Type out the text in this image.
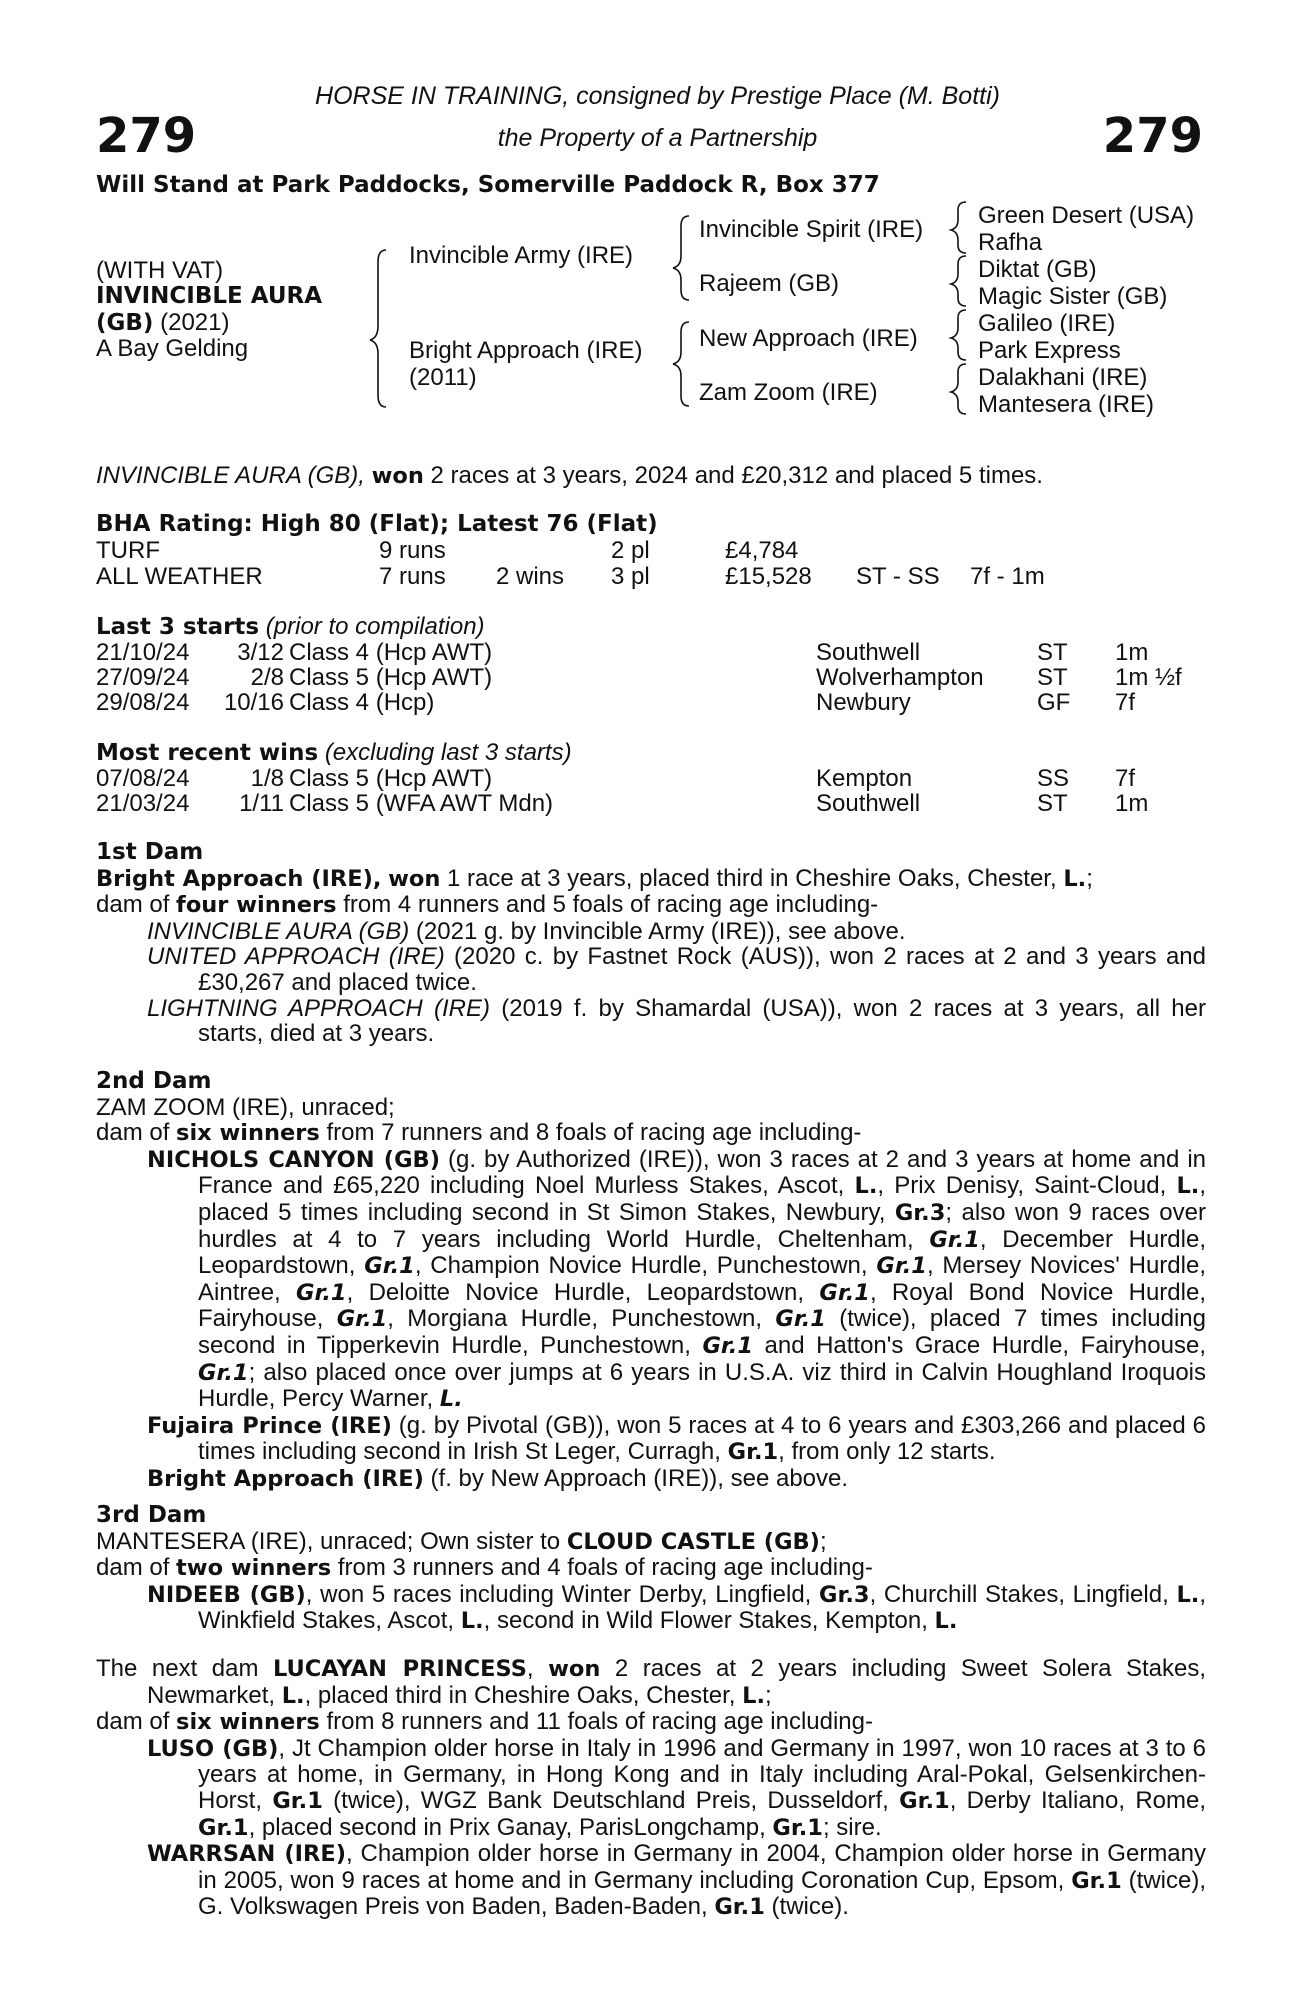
279	279
HORSE IN TRAINING, consigned by Prestige Place (M. Botti)
the Property of a Partnership
Will Stand at Park Paddocks, Somerville Paddock R, Box 377
(WITH VAT)
INVINCIBLE AURA
(GB) (2021)
A Bay Gelding
Invincible Army (IRE)
Bright Approach (IRE)
(2011)
Invincible Spirit (IRE)
Rajeem (GB)
New Approach (IRE)
Zam Zoom (IRE)
Green Desert (USA)
Rafha
Diktat (GB)
Magic Sister (GB)
Galileo (IRE)
Park Express
Dalakhani (IRE)
Mantesera (IRE)
INVINCIBLE AURA (GB), won 2 races at 3 years, 2024 and £20,312 and placed 5 times.
BHA Rating: High 80 (Flat); Latest 76 (Flat)
TURF	9 runs	2 pl	£4,784
ALL WEATHER	7 runs 2 wins 3 pl	£15,528 ST - SS 7f - 1m
Last 3 starts (prior to compilation)
21/10/24	3/12 Class 4 (Hcp AWT)	Southwell	ST 1m
27/09/24	2/8 Class 5 (Hcp AWT)	Wolverhampton ST 1m ½f
29/08/24	10/16 Class 4 (Hcp)	Newbury	GF 7f
Most recent wins (excluding last 3 starts)
07/08/24	1/8 Class 5 (Hcp AWT)	Kempton	SS 7f
21/03/24	1/11 Class 5 (WFA AWT Mdn)	Southwell	ST 1m
1st Dam
Bright Approach (IRE), won 1 race at 3 years, placed third in Cheshire Oaks, Chester, L.;
dam of four winners from 4 runners and 5 foals of racing age including-
INVINCIBLE AURA (GB) (2021 g. by Invincible Army (IRE)), see above.
UNITED APPROACH (IRE) (2020 c. by Fastnet Rock (AUS)), won 2 races at 2 and 3 years and £30,267 and placed twice.
LIGHTNING APPROACH (IRE) (2019 f. by Shamardal (USA)), won 2 races at 3 years, all her starts, died at 3 years.
2nd Dam
ZAM ZOOM (IRE), unraced;
dam of six winners from 7 runners and 8 foals of racing age including-
NICHOLS CANYON (GB) (g. by Authorized (IRE)), won 3 races at 2 and 3 years at home and in France and £65,220 including Noel Murless Stakes, Ascot, L., Prix Denisy, Saint-Cloud, L., placed 5 times including second in St Simon Stakes, Newbury, Gr.3; also won 9 races over hurdles at 4 to 7 years including World Hurdle, Cheltenham, Gr.1, December Hurdle, Leopardstown, Gr.1, Champion Novice Hurdle, Punchestown, Gr.1, Mersey Novices' Hurdle, Aintree, Gr.1, Deloitte Novice Hurdle, Leopardstown, Gr.1, Royal Bond Novice Hurdle, Fairyhouse, Gr.1, Morgiana Hurdle, Punchestown, Gr.1 (twice), placed 7 times including second in Tipperkevin Hurdle, Punchestown, Gr.1 and Hatton's Grace Hurdle, Fairyhouse, Gr.1; also placed once over jumps at 6 years in U.S.A. viz third in Calvin Houghland Iroquois Hurdle, Percy Warner, L.
Fujaira Prince (IRE) (g. by Pivotal (GB)), won 5 races at 4 to 6 years and £303,266 and placed 6 times including second in Irish St Leger, Curragh, Gr.1, from only 12 starts.
Bright Approach (IRE) (f. by New Approach (IRE)), see above.
3rd Dam
MANTESERA (IRE), unraced; Own sister to CLOUD CASTLE (GB);
dam of two winners from 3 runners and 4 foals of racing age including-
NIDEEB (GB), won 5 races including Winter Derby, Lingfield, Gr.3, Churchill Stakes, Lingfield, L., Winkfield Stakes, Ascot, L., second in Wild Flower Stakes, Kempton, L.
The next dam LUCAYAN PRINCESS, won 2 races at 2 years including Sweet Solera Stakes, Newmarket, L., placed third in Cheshire Oaks, Chester, L.;
dam of six winners from 8 runners and 11 foals of racing age including-
LUSO (GB), Jt Champion older horse in Italy in 1996 and Germany in 1997, won 10 races at 3 to 6 years at home, in Germany, in Hong Kong and in Italy including Aral-Pokal, Gelsenkirchen-Horst, Gr.1 (twice), WGZ Bank Deutschland Preis, Dusseldorf, Gr.1, Derby Italiano, Rome, Gr.1, placed second in Prix Ganay, ParisLongchamp, Gr.1; sire.
WARRSAN (IRE), Champion older horse in Germany in 2004, Champion older horse in Germany in 2005, won 9 races at home and in Germany including Coronation Cup, Epsom, Gr.1 (twice), G. Volkswagen Preis von Baden, Baden-Baden, Gr.1 (twice).
